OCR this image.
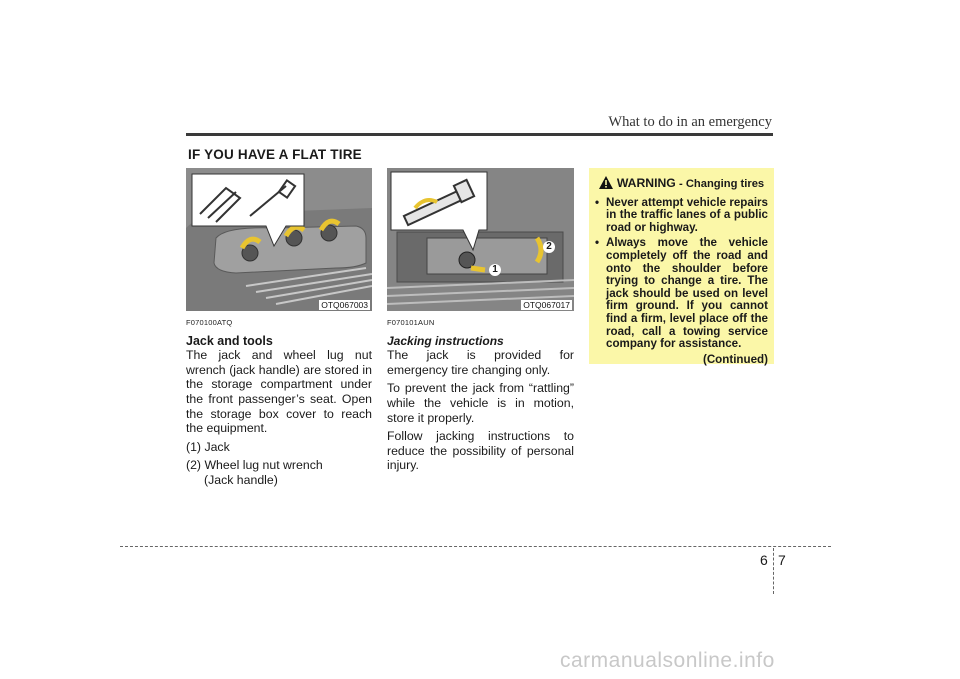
What to do in an emergency
IF YOU HAVE A FLAT TIRE
OTQ067003
1
2
OTQ067017
F070100ATQ
Jack and tools

The jack and wheel lug nut wrench (jack handle) are stored in the storage compartment under the front passenger’s seat. Open the storage box cover to reach the equipment.

(1) Jack

(2) Wheel lug nut wrench
(Jack handle)
F070101AUN
Jacking instructions

The jack is provided for emergency tire changing only.

To prevent the jack from “rattling” while the vehicle is in motion, store it properly.

Follow jacking instructions to reduce the possibility of personal injury.

WARNING - Changing tires
• Never attempt vehicle repairs in the traffic lanes of a public road or highway.
• Always move the vehicle completely off the road and onto the shoulder before trying to change a tire. The jack should be used on level firm ground. If you cannot find a firm, level place off the road, call a towing service company for assistance.
(Continued)
6 7
carmanualsonline.info
